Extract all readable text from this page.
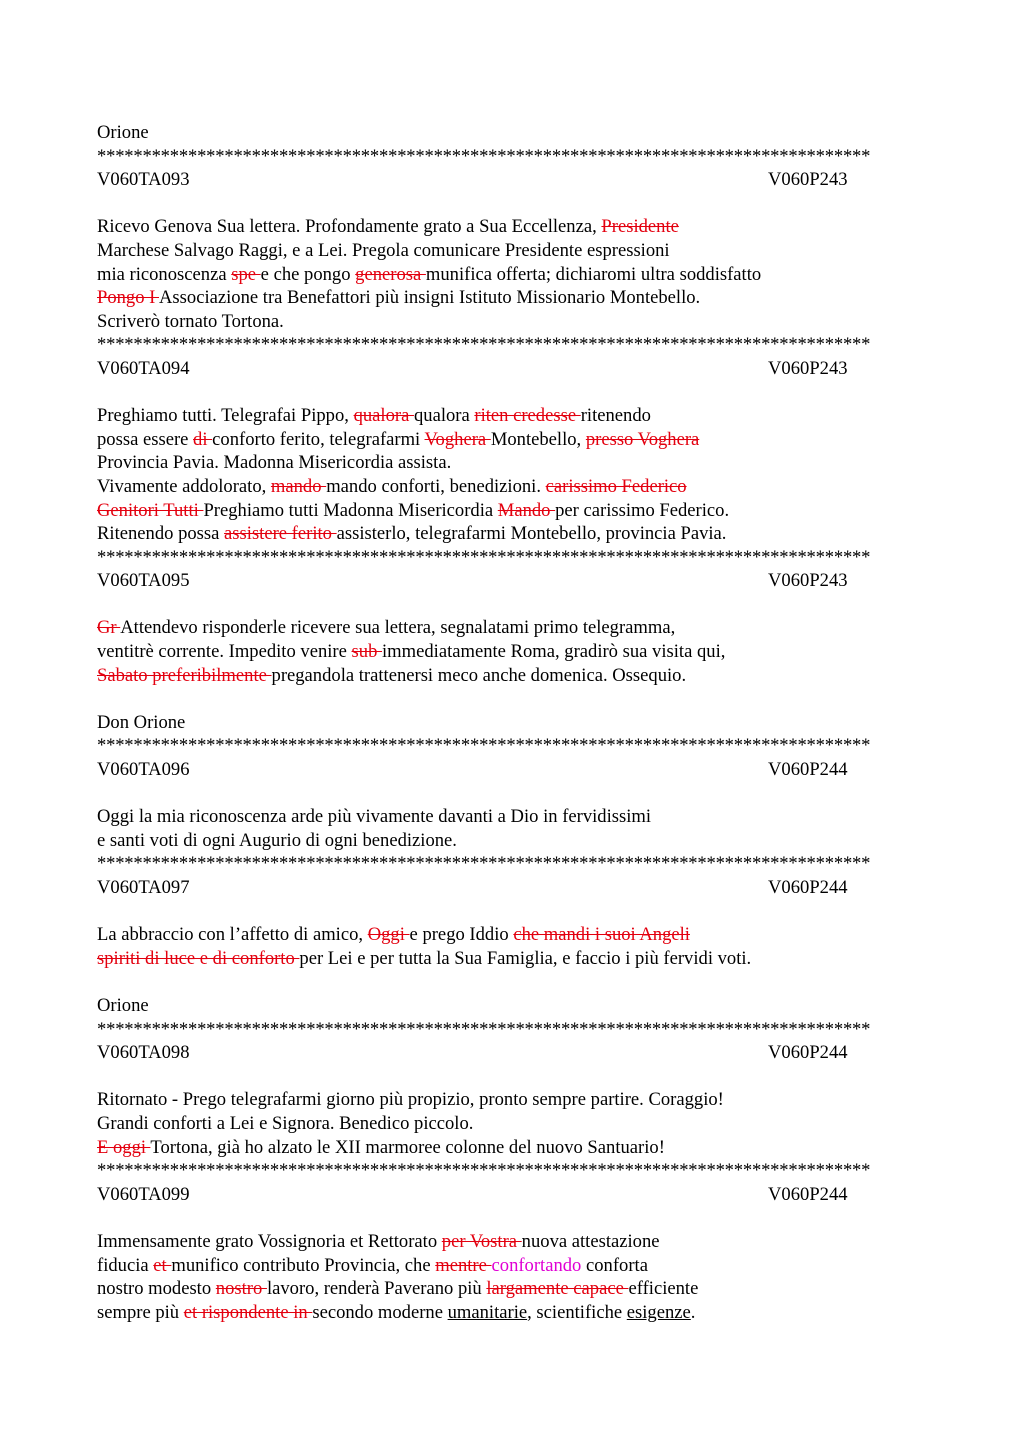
Orione
*************************************************************************************
V060TA093	V060P243
Ricevo Genova Sua lettera. Profondamente grato a Sua Eccellenza, Presidente
Marchese Salvago Raggi, e a Lei. Pregola comunicare Presidente espressioni
mia riconoscenza spe e che pongo generosa munifica offerta; dichiaromi ultra soddisfatto
Pongo I Associazione tra Benefattori più insigni Istituto Missionario Montebello.
Scriverò tornato Tortona.
*************************************************************************************
V060TA094	V060P243
Preghiamo tutti. Telegrafai Pippo, qualora qualora riten credesse ritenendo
possa essere di conforto ferito, telegrafarmi Voghera Montebello, presso Voghera
Provincia Pavia. Madonna Misericordia assista.
Vivamente addolorato, mando mando conforti, benedizioni. carissimo Federico
Genitori Tutti Preghiamo tutti Madonna Misericordia Mando per carissimo Federico.
Ritenendo possa assistere ferito assisterlo, telegrafarmi Montebello, provincia Pavia.
*************************************************************************************
V060TA095	V060P243
Gr Attendevo risponderle ricevere sua lettera, segnalatami primo telegramma,
ventitrè corrente. Impedito venire sub immediatamente Roma, gradirò sua visita qui,
Sabato preferibilmente pregandola trattenersi meco anche domenica. Ossequio.
Don Orione
*************************************************************************************
V060TA096	V060P244
Oggi la mia riconoscenza arde più vivamente davanti a Dio in fervidissimi
e santi voti di ogni Augurio di ogni benedizione.
*************************************************************************************
V060TA097	V060P244
La abbraccio con l’affetto di amico, Oggi e prego Iddio che mandi i suoi Angeli
spiriti di luce e di conforto per Lei e per tutta la Sua Famiglia, e faccio i più fervidi voti.
Orione
*************************************************************************************
V060TA098	V060P244
Ritornato - Prego telegrafarmi giorno più propizio, pronto sempre partire. Coraggio!
Grandi conforti a Lei e Signora. Benedico piccolo.
E oggi Tortona, già ho alzato le XII marmoree colonne del nuovo Santuario!
*************************************************************************************
V060TA099	V060P244
Immensamente grato Vossignoria et Rettorato per Vostra nuova attestazione
fiducia et munifico contributo Provincia, che mentre confortando conforta
nostro modesto nostro lavoro, renderà Paverano più largamente capace efficiente
sempre più et rispondente in secondo moderne umanitarie, scientifiche esigenze.
